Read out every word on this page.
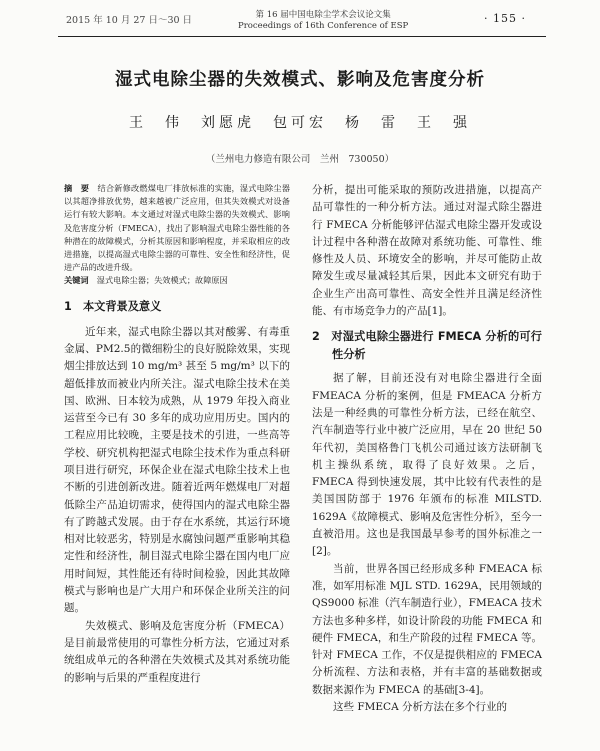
2015 年 10 月 27 日～30 日	第 16 届中国电除尘学术会议论文集
Proceedings of 16th Conference of ESP
· 155 ·
湿式电除尘器的失效模式、影响及危害度分析
王　伟　刘愿虎　包可宏　杨　雷　王　强
（兰州电力修造有限公司　兰州　730050）

摘　要　 结合新修改燃煤电厂排放标准的实施，湿式电除尘器以其超净排放优势，越来越被广泛应用，但其失效模式对设备运行有较大影响。本文通过对湿式电除尘器的失效模式、影响及危害度分析（FMECA），找出了影响湿式电除尘器性能的各种潜在的故障模式，分析其原因和影响程度，并采取相应的改进措施，以提高湿式电除尘器的可靠性、安全性和经济性，促进产品的改进升级。

关键词　 湿式电除尘器；失效模式；故障原因

1　本文背景及意义

近年来，湿式电除尘器以其对酸雾、有毒重金属、PM2.5的微细粉尘的良好脱除效果，实现烟尘排放达到 10 mg/m³ 甚至 5 mg/m³ 以下的超低排放而被业内所关注。湿式电除尘技术在美国、欧洲、日本较为成熟，从 1979 年投入商业运营至今已有 30 多年的成功应用历史。国内的工程应用比较晚，主要是技术的引进，一些高等学校、研究机构把湿式电除尘技术作为重点科研项目进行研究，环保企业在湿式电除尘技术上也不断的引进创新改进。随着近两年燃煤电厂对超低除尘产品迫切需求，使得国内的湿式电除尘器有了跨越式发展。由于存在水系统，其运行环境相对比较恶劣，特别是水腐蚀问题严重影响其稳定性和经济性，制目湿式电除尘器在国内电厂应用时间短，其性能还有待时间检验，因此其故障模式与影响也是广大用户和环保企业所关注的问题。

失效模式、影响及危害度分析（FMECA）是目前最常使用的可靠性分析方法，它通过对系统组成单元的各种潜在失效模式及其对系统功能的影响与后果的严重程度进行

分析，提出可能采取的预防改进措施，以提高产品可靠性的一种分析方法。通过对湿式除尘器进行 FMECA 分析能够评估湿式电除尘器开发或设计过程中各种潜在故障对系统功能、可靠性、维修性及人员、环境安全的影响，并尽可能防止故障发生或尽量减轻其后果，因此本文研究有助于企业生产出高可靠性、高安全性并且满足经济性能、有市场竞争力的产品[1]。

2　对湿式电除尘器进行 FMECA 分析的可行性分析

据了解，目前还没有对电除尘器进行全面 FMEACA 分析的案例，但是 FMEACA 分析方法是一种经典的可靠性分析方法，已经在航空、汽车制造等行业中被广泛应用，早在 20 世纪 50 年代初，美国格鲁门飞机公司通过该方法研制飞机主操纵系统，取得了良好效果。之后，FMECA 得到快速发展，其中比较有代表性的是美国国防部于 1976 年颁布的标准 MILSTD. 1629A《故障模式、影响及危害性分析》，至今一直被沿用。这也是我国最早参考的国外标准之一[2]。

当前，世界各国已经形成多种 FMEACA 标准，如军用标准 MJL STD. 1629A，民用领域的 QS9000 标准（汽车制造行业），FMEACA 技术方法也多种多样，如设计阶段的功能 FMECA 和硬件 FMECA，和生产阶段的过程 FMECA 等。针对 FMECA 工作，不仅是提供相应的 FMECA 分析流程、方法和表格，并有丰富的基础数据或数据来源作为 FMECA 的基础[3-4]。

这些 FMECA 分析方法在多个行业的
